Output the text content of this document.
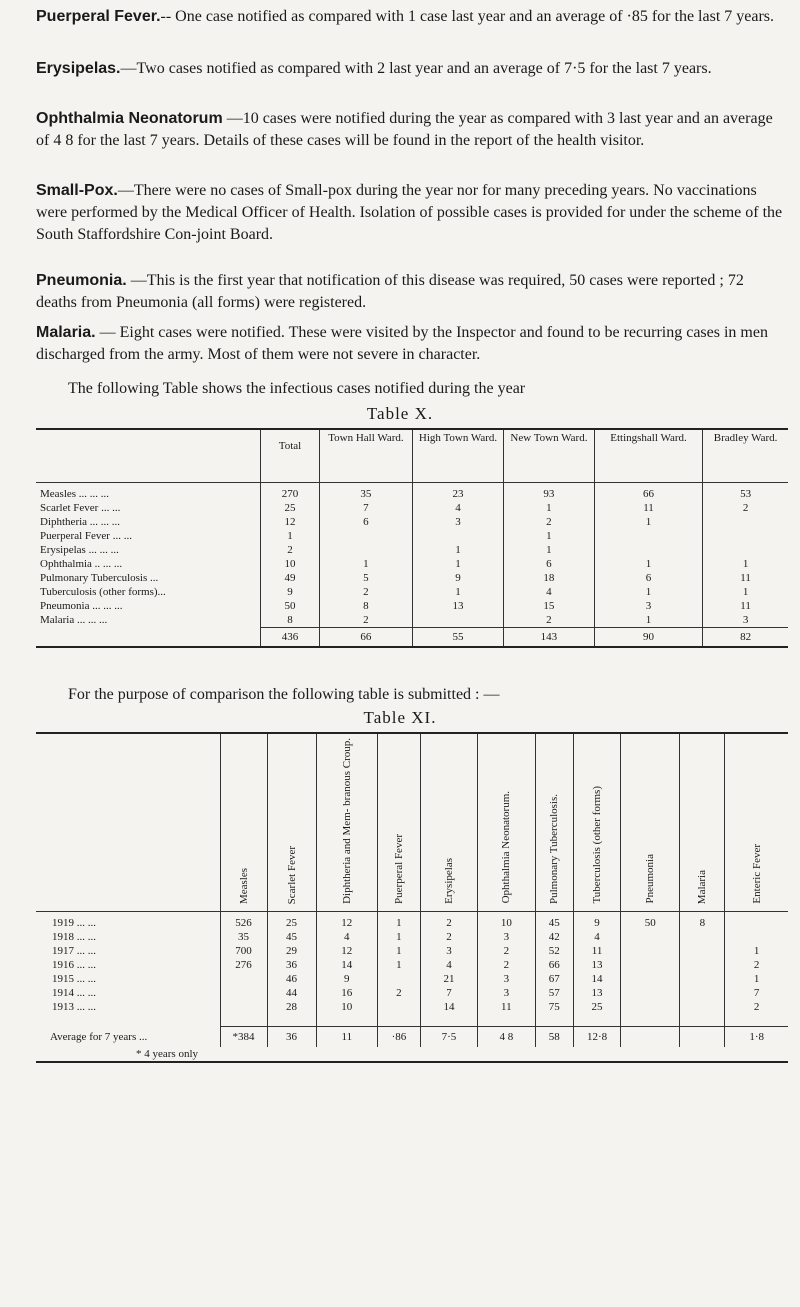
Puerperal Fever.-- One case notified as compared with 1 case last year and an average of ·85 for the last 7 years.

Erysipelas.—Two cases notified as compared with 2 last year and an average of 7·5 for the last 7 years.

Ophthalmia Neonatorum —10 cases were notified during the year as compared with 3 last year and an average of 4 8 for the last 7 years. Details of these cases will be found in the report of the health visitor.

Small-Pox.—There were no cases of Small-pox during the year nor for many preceding years. No vaccinations were performed by the Medical Officer of Health. Isolation of possible cases is provided for under the scheme of the South Staffordshire Con-joint Board.

Pneumonia. —This is the first year that notification of this disease was required, 50 cases were reported ; 72 deaths from Pneumonia (all forms) were registered.

Malaria. — Eight cases were notified. These were visited by the Inspector and found to be recurring cases in men discharged from the army. Most of them were not severe in character.

The following Table shows the infectious cases notified during the year

Table X.
	Total	Town Hall Ward.	High Town Ward.	New Town Ward.	Ettingshall Ward.	Bradley Ward.
Measles ... ... ...	270	35	23	93	66	53
Scarlet Fever ... ...	25	7	4	1	11	2
Diphtheria ... ... ...	12	6	3	2	1	
Puerperal Fever ... ...	1			1		
Erysipelas ... ... ...	2		1	1		
Ophthalmia .. ... ...	10	1	1	6	1	1
Pulmonary Tuberculosis ...	49	5	9	18	6	11
Tuberculosis (other forms)...	9	2	1	4	1	1
Pneumonia ... ... ...	50	8	13	15	3	11
Malaria ... ... ...	8	2		2	1	3
	436	66	55	143	90	82

For the purpose of comparison the following table is submitted : —

Table XI.
	Measles	Scarlet Fever	Diphtheria and Mem- branous Croup.	Puerperal Fever	Erysipelas	Ophthalmia Neonatorum.	Pulmonary Tuberculosis.	Tuberculosis (other forms)	Pneumonia	Malaria	Enteric Fever
1919 ... ...	526	25	12	1	2	10	45	9	50	8	
1918 ... ...	35	45	4	1	2	3	42	4			
1917 ... ...	700	29	12	1	3	2	52	11			1
1916 ... ...	276	36	14	1	4	2	66	13			2
1915 ... ...		46	9		21	3	67	14			1
1914 ... ...		44	16	2	7	3	57	13			7
1913 ... ...		28	10		14	11	75	25			2

Average for 7 years ...	*384	36	11	·86	7·5	4 8	58	12·8			1·8
* 4 years only											
